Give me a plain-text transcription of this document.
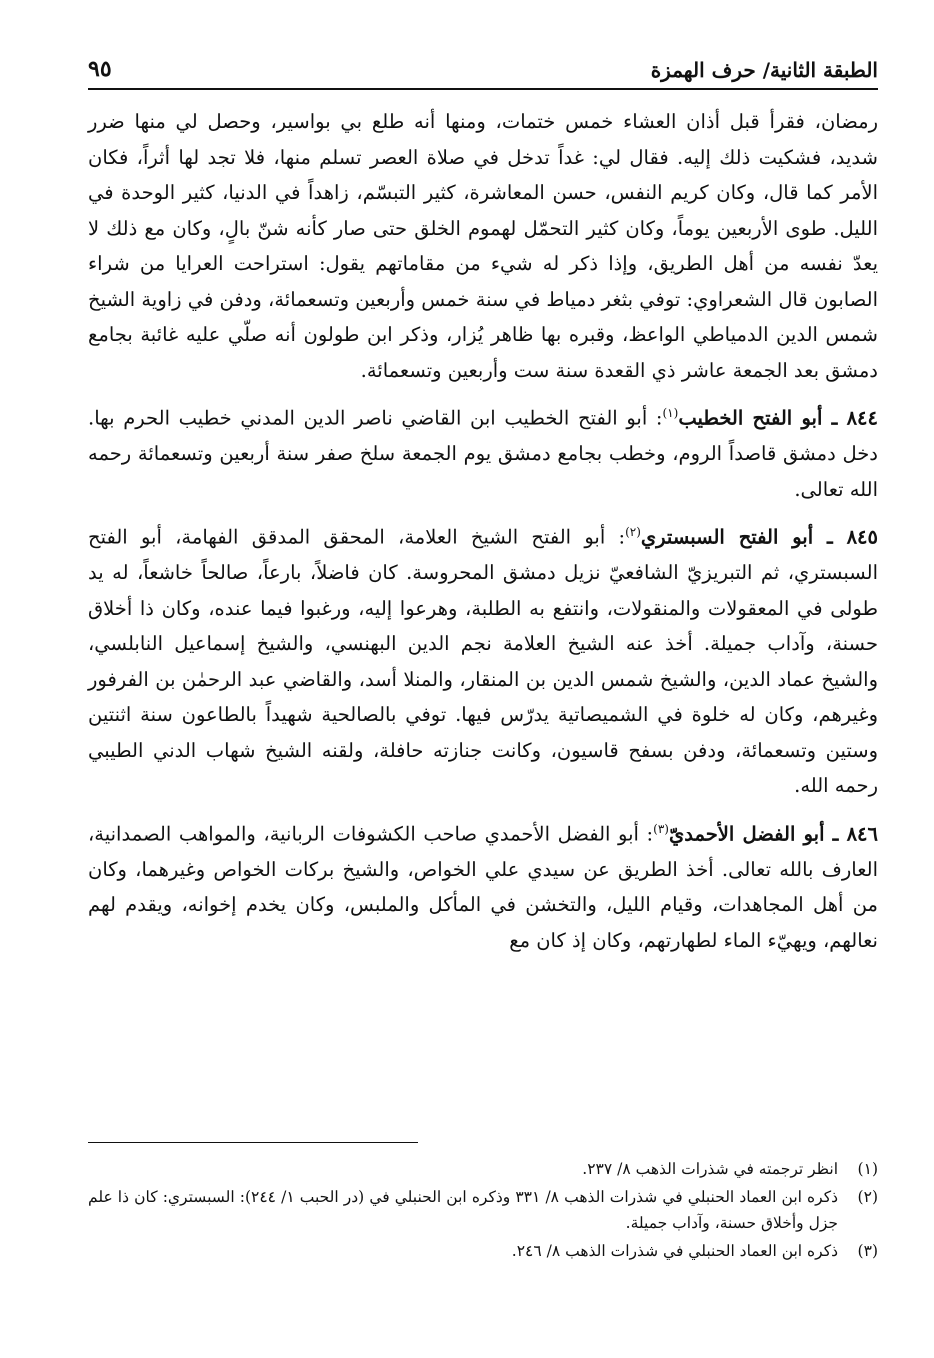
الطبقة الثانية/ حرف الهمزة
٩٥

رمضان، فقرأ قبل أذان العشاء خمس ختمات، ومنها أنه طلع بي بواسير، وحصل لي منها ضرر شديد، فشكيت ذلك إليه. فقال لي: غداً تدخل في صلاة العصر تسلم منها، فلا تجد لها أثراً، فكان الأمر كما قال، وكان كريم النفس، حسن المعاشرة، كثير التبسّم، زاهداً في الدنيا، كثير الوحدة في الليل. طوى الأربعين يوماً، وكان كثير التحمّل لهموم الخلق حتى صار كأنه شنّ بالٍ، وكان مع ذلك لا يعدّ نفسه من أهل الطريق، وإذا ذكر له شيء من مقاماتهم يقول: استراحت العرايا من شراء الصابون قال الشعراوي: توفي بثغر دمياط في سنة خمس وأربعين وتسعمائة، ودفن في زاوية الشيخ شمس الدين الدمياطي الواعظ، وقبره بها ظاهر يُزار، وذكر ابن طولون أنه صلّي عليه غائبة بجامع دمشق بعد الجمعة عاشر ذي القعدة سنة ست وأربعين وتسعمائة.

٨٤٤ ـ أبو الفتح الخطيب$^{(١)}$: أبو الفتح الخطيب ابن القاضي ناصر الدين المدني خطيب الحرم بها. دخل دمشق قاصداً الروم، وخطب بجامع دمشق يوم الجمعة سلخ صفر سنة أربعين وتسعمائة رحمه الله تعالى.

٨٤٥ ـ أبو الفتح السبستري$^{(٢)}$: أبو الفتح الشيخ العلامة، المحقق المدقق الفهامة، أبو الفتح السبستري، ثم التبريزيّ الشافعيّ نزيل دمشق المحروسة. كان فاضلاً، بارعاً، صالحاً خاشعاً، له يد طولى في المعقولات والمنقولات، وانتفع به الطلبة، وهرعوا إليه، ورغبوا فيما عنده، وكان ذا أخلاق حسنة، وآداب جميلة. أخذ عنه الشيخ العلامة نجم الدين البهنسي، والشيخ إسماعيل النابلسي، والشيخ عماد الدين، والشيخ شمس الدين بن المنقار، والمنلا أسد، والقاضي عبد الرحمٰن بن الفرفور وغيرهم، وكان له خلوة في الشميصاتية يدرّس فيها. توفي بالصالحية شهيداً بالطاعون سنة اثنتين وستين وتسعمائة، ودفن بسفح قاسيون، وكانت جنازته حافلة، ولقنه الشيخ شهاب الدني الطيبي رحمه الله.

٨٤٦ ـ أبو الفضل الأحمديّ$^{(٣)}$: أبو الفضل الأحمدي صاحب الكشوفات الربانية، والمواهب الصمدانية، العارف بالله تعالى. أخذ الطريق عن سيدي علي الخواص، والشيخ بركات الخواص وغيرهما، وكان من أهل المجاهدات، وقيام الليل، والتخشن في المأكل والملبس، وكان يخدم إخوانه، ويقدم لهم نعالهم، ويهيّء الماء لطهارتهم، وكان إذ كان مع

(١)
انظر ترجمته في شذرات الذهب ٨/ ٢٣٧.
(٢)
ذكره ابن العماد الحنبلي في شذرات الذهب ٨/ ٣٣١ وذكره ابن الحنبلي في (در الحبب ١/ ٢٤٤): السبستري: كان ذا علم جزل وأخلاق حسنة، وآداب جميلة.
(٣)
ذكره ابن العماد الحنبلي في شذرات الذهب ٨/ ٢٤٦.
